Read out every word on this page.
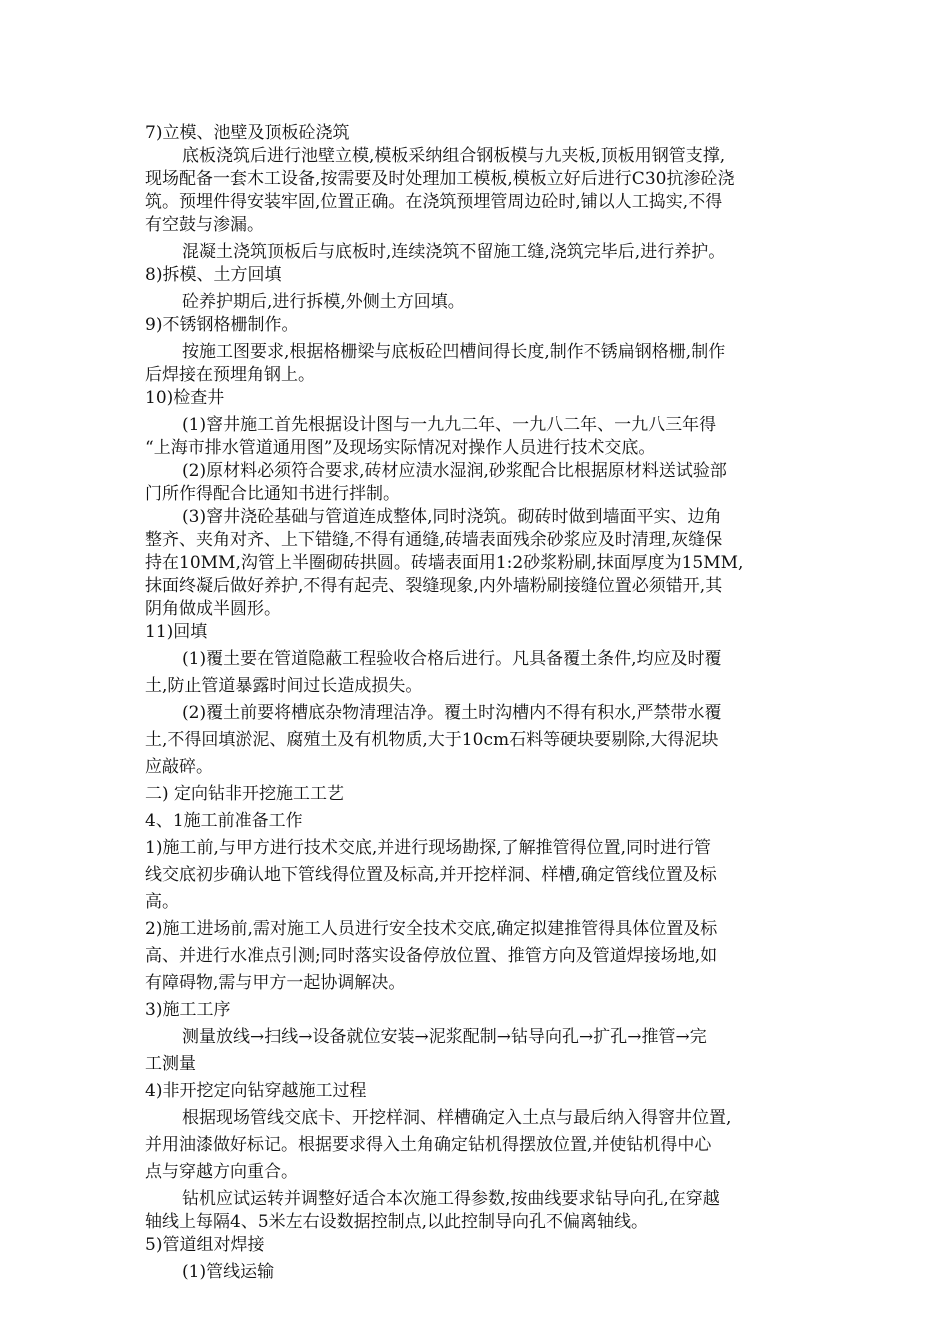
7)立模、池壁及顶板砼浇筑
底板浇筑后进行池壁立模,模板采纳组合钢板模与九夹板,顶板用钢管支撑,
现场配备一套木工设备,按需要及时处理加工模板,模板立好后进行C30抗渗砼浇
筑。预埋件得安装牢固,位置正确。在浇筑预埋管周边砼时,铺以人工捣实,不得
有空鼓与渗漏。
混凝土浇筑顶板后与底板时,连续浇筑不留施工缝,浇筑完毕后,进行养护。
8)拆模、土方回填
砼养护期后,进行拆模,外侧土方回填。
9)不锈钢格栅制作。
按施工图要求,根据格栅梁与底板砼凹槽间得长度,制作不锈扁钢格栅,制作
后焊接在预埋角钢上。
10)检查井
(1)窨井施工首先根据设计图与一九九二年、一九八二年、一九八三年得
“上海市排水管道通用图”及现场实际情况对操作人员进行技术交底。
(2)原材料必须符合要求,砖材应渍水湿润,砂浆配合比根据原材料送试验部
门所作得配合比通知书进行拌制。
(3)窨井浇砼基础与管道连成整体,同时浇筑。砌砖时做到墙面平实、边角
整齐、夹角对齐、上下错缝,不得有通缝,砖墙表面残余砂浆应及时清理,灰缝保
持在10MM,沟管上半圈砌砖拱圆。砖墙表面用1:2砂浆粉刷,抹面厚度为15MM,
抹面终凝后做好养护,不得有起壳、裂缝现象,内外墙粉刷接缝位置必须错开,其
阴角做成半圆形。
11)回填
(1)覆土要在管道隐蔽工程验收合格后进行。凡具备覆土条件,均应及时覆
土,防止管道暴露时间过长造成损失。
(2)覆土前要将槽底杂物清理洁净。覆土时沟槽内不得有积水,严禁带水覆
土,不得回填淤泥、腐殖土及有机物质,大于10cm石料等硬块要剔除,大得泥块
应敲碎。
二) 定向钻非开挖施工工艺
4、1施工前准备工作
1)施工前,与甲方进行技术交底,并进行现场勘探,了解推管得位置,同时进行管
线交底初步确认地下管线得位置及标高,并开挖样洞、样槽,确定管线位置及标
高。
2)施工进场前,需对施工人员进行安全技术交底,确定拟建推管得具体位置及标
高、并进行水准点引测;同时落实设备停放位置、推管方向及管道焊接场地,如
有障碍物,需与甲方一起协调解决。
3)施工工序
测量放线→扫线→设备就位安装→泥浆配制→钻导向孔→扩孔→推管→完
工测量
4)非开挖定向钻穿越施工过程
根据现场管线交底卡、开挖样洞、样槽确定入土点与最后纳入得窨井位置,
并用油漆做好标记。根据要求得入土角确定钻机得摆放位置,并使钻机得中心
点与穿越方向重合。
钻机应试运转并调整好适合本次施工得参数,按曲线要求钻导向孔,在穿越
轴线上每隔4、5米左右设数据控制点,以此控制导向孔不偏离轴线。
5)管道组对焊接
(1)管线运输
